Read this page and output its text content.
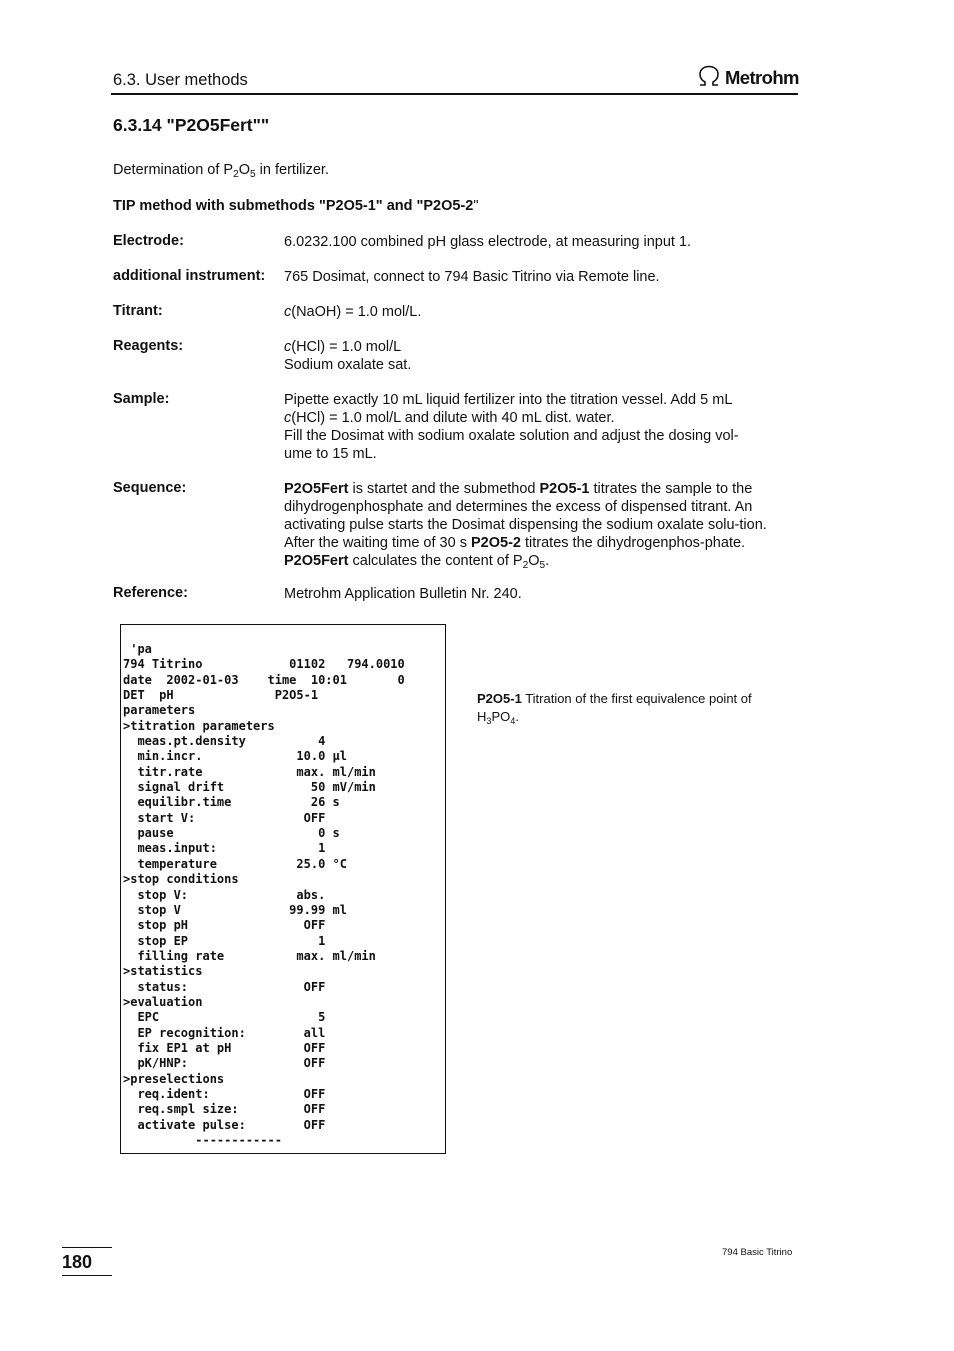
6.3. User methods	Metrohm
6.3.14 "P2O5Fert""
Determination of $P_2O_5$ in fertilizer.
TIP method with submethods "P2O5-1" and "P2O5-2"
Electrode:	6.0232.100 combined pH glass electrode, at measuring input 1.
additional instrument: 765 Dosimat, connect to 794 Basic Titrino via Remote line.
Titrant:	c(NaOH) = 1.0 mol/L.
Reagents:	c(HCl) = 1.0 mol/L
Sodium oxalate sat.
Sample:	Pipette exactly 10 mL liquid fertilizer into the titration vessel. Add 5 mL
c(HCl) = 1.0 mol/L and dilute with 40 mL dist. water.
Fill the Dosimat with sodium oxalate solution and adjust the dosing vol-
ume to 15 mL.
Sequence:	P2O5Fert is startet and the submethod P2O5-1 titrates the sample to the dihydrogenphosphate and determines the excess of dispensed titrant. An activating pulse starts the Dosimat dispensing the sodium oxalate solu-tion. After the waiting time of 30 s P2O5-2 titrates the dihydrogenphos-phate. P2O5Fert calculates the content of $P_2O_5$.
Reference:	Metrohm Application Bulletin Nr. 240.
'pa
794 Titrino            01102   794.0010
date  2002-01-03    time  10:01       0
DET  pH              P2O5-1
parameters
>titration parameters
meas.pt.density          4
min.incr.             10.0 µl
titr.rate             max. ml/min
signal drift            50 mV/min
equilibr.time           26 s
start V:               OFF
pause                    0 s
meas.input:              1
temperature           25.0 °C
>stop conditions
stop V:               abs.
stop V               99.99 ml
stop pH                OFF
stop EP                  1
filling rate          max. ml/min
>statistics
status:                OFF
>evaluation
EPC                      5
EP recognition:        all
fix EP1 at pH          OFF
pK/HNP:                OFF
>preselections
req.ident:             OFF
req.smpl size:         OFF
activate pulse:        OFF
------------
P2O5-1 Titration of the first equivalence point of $H_3PO_4$.
180	794 Basic Titrino
